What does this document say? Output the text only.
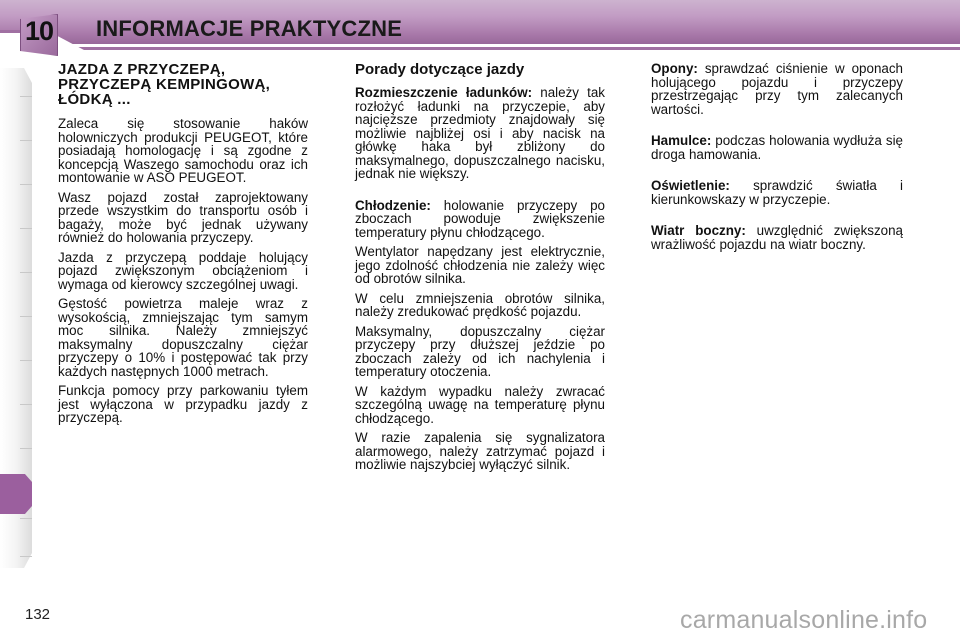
10 INFORMACJE PRAKTYCZNE
JAZDA Z PRZYCZEPĄ, PRZYCZEPĄ KEMPINGOWĄ, ŁÓDKĄ ...

Zaleca się stosowanie haków holowniczych produkcji PEUGEOT, które posiadają homologację i są zgodne z koncepcją Waszego samochodu oraz ich montowanie w ASO PEUGEOT.

Wasz pojazd został zaprojektowany przede wszystkim do transportu osób i bagaży, może być jednak używany również do holowania przyczepy.

Jazda z przyczepą poddaje holujący pojazd zwiększonym obciążeniom i wymaga od kierowcy szczególnej uwagi.

Gęstość powietrza maleje wraz z wysokością, zmniejszając tym samym moc silnika. Należy zmniejszyć maksymalny dopuszczalny ciężar przyczepy o 10% i postępować tak przy każdych następnych 1000 metrach.

Funkcja pomocy przy parkowaniu tyłem jest wyłączona w przypadku jazdy z przyczepą.

Porady dotyczące jazdy

Rozmieszczenie ładunków: należy tak rozłożyć ładunki na przyczepie, aby najcięższe przedmioty znajdowały się możliwie najbliżej osi i aby nacisk na główkę haka był zbliżony do maksymalnego, dopuszczalnego nacisku, jednak nie większy.

Chłodzenie: holowanie przyczepy po zboczach powoduje zwiększenie temperatury płynu chłodzącego.

Wentylator napędzany jest elektrycznie, jego zdolność chłodzenia nie zależy więc od obrotów silnika.

W celu zmniejszenia obrotów silnika, należy zredukować prędkość pojazdu.

Maksymalny, dopuszczalny ciężar przyczepy przy dłuższej jeździe po zboczach zależy od ich nachylenia i temperatury otoczenia.

W każdym wypadku należy zwracać szczególną uwagę na temperaturę płynu chłodzącego.

W razie zapalenia się sygnalizatora alarmowego, należy zatrzymać pojazd i możliwie najszybciej wyłączyć silnik.

Opony: sprawdzać ciśnienie w oponach holującego pojazdu i przyczepy przestrzegając przy tym zalecanych wartości.

Hamulce: podczas holowania wydłuża się droga hamowania.

Oświetlenie: sprawdzić światła i kierunkowskazy w przyczepie.

Wiatr boczny: uwzględnić zwiększoną wrażliwość pojazdu na wiatr boczny.

132	carmanualsonline.info
